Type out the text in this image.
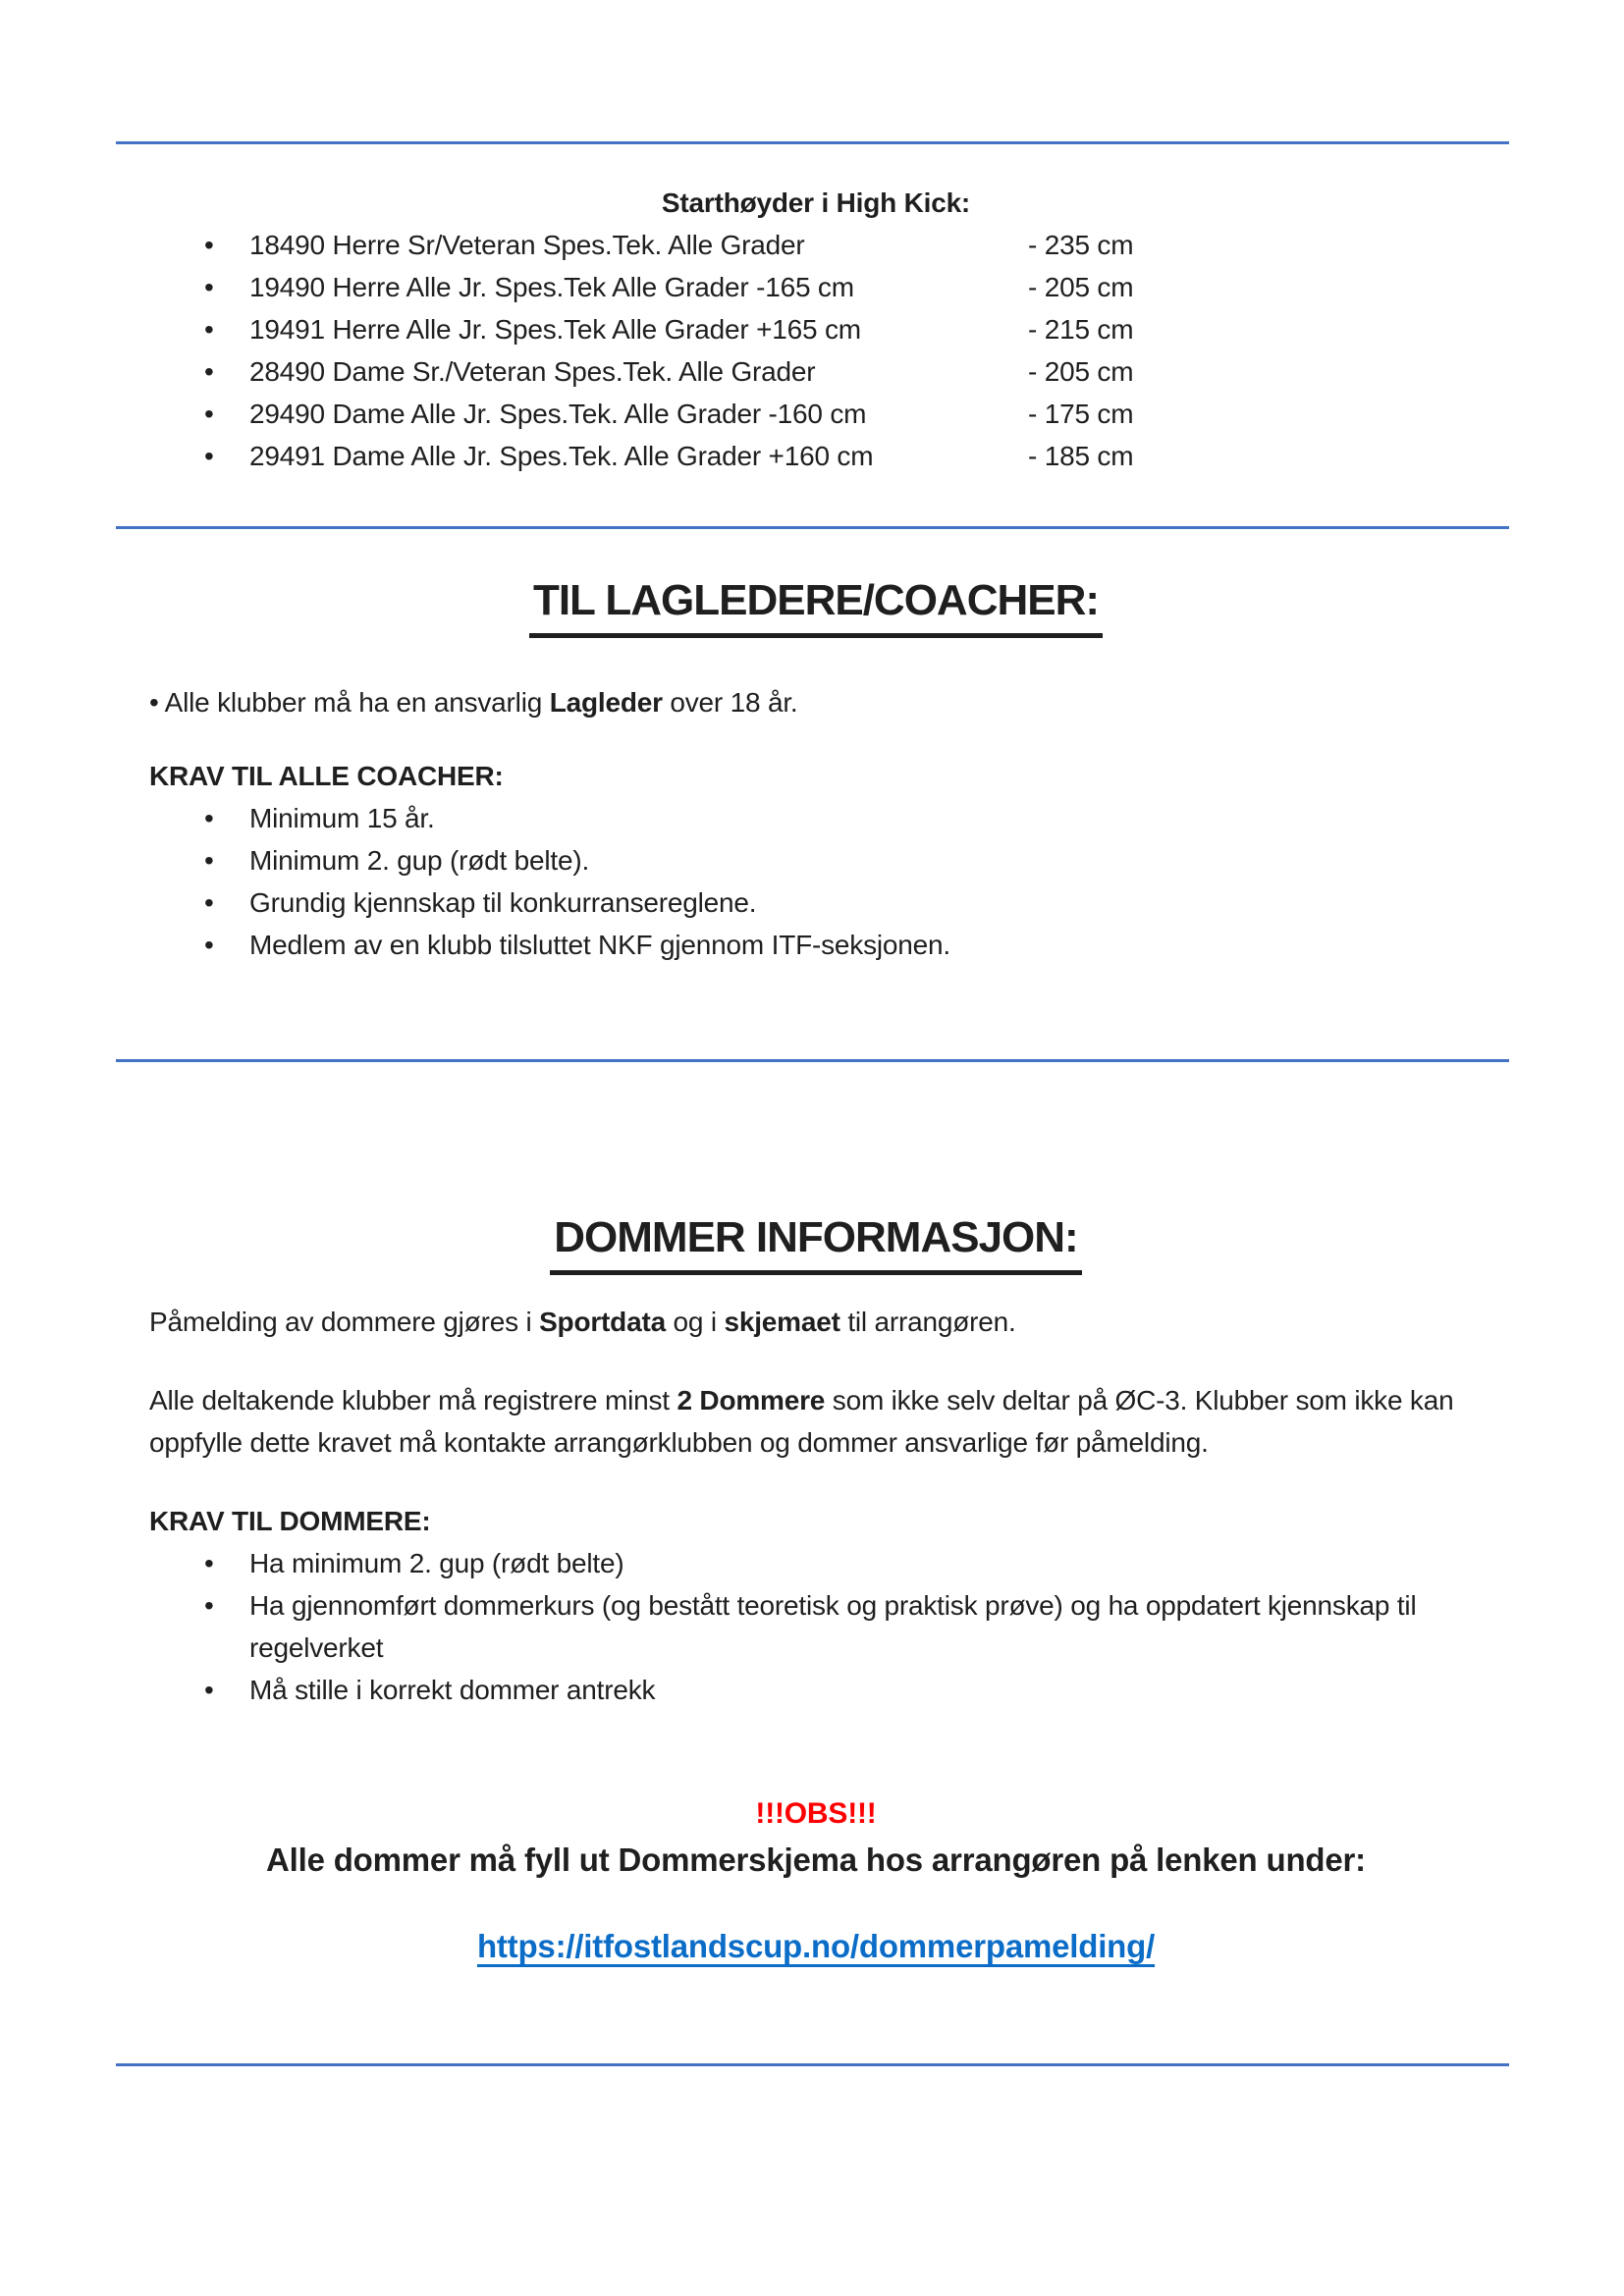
Starthøyder i High Kick:
• 18490 Herre Sr/Veteran Spes.Tek. Alle Grader	- 235 cm
• 19490 Herre Alle Jr. Spes.Tek Alle Grader -165 cm	- 205 cm
• 19491 Herre Alle Jr. Spes.Tek Alle Grader +165 cm	- 215 cm
• 28490 Dame Sr./Veteran Spes.Tek. Alle Grader	- 205 cm
• 29490 Dame Alle Jr. Spes.Tek. Alle Grader -160 cm	- 175 cm
• 29491 Dame Alle Jr. Spes.Tek. Alle Grader +160 cm	- 185 cm
TIL LAGLEDERE/COACHER:

• Alle klubber må ha en ansvarlig Lagleder over 18 år.

KRAV TIL ALLE COACHER:

• Minimum 15 år.
• Minimum 2. gup (rødt belte).
• Grundig kjennskap til konkurransereglene.
• Medlem av en klubb tilsluttet NKF gjennom ITF-seksjonen.
DOMMER INFORMASJON:

Påmelding av dommere gjøres i Sportdata og i skjemaet til arrangøren.

Alle deltakende klubber må registrere minst 2 Dommere som ikke selv deltar på ØC-3. Klubber som ikke kan oppfylle dette kravet må kontakte arrangørklubben og dommer ansvarlige før påmelding.

KRAV TIL DOMMERE:

• Ha minimum 2. gup (rødt belte)
• Ha gjennomført dommerkurs (og bestått teoretisk og praktisk prøve) og ha oppdatert kjennskap til regelverket
• Må stille i korrekt dommer antrekk

!!!OBS!!!

Alle dommer må fyll ut Dommerskjema hos arrangøren på lenken under:

https://itfostlandscup.no/dommerpamelding/
